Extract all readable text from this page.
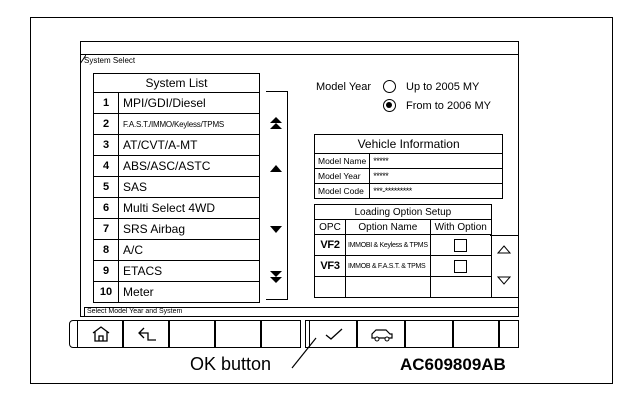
System Select
System List	
1	MPI/GDI/Diesel
2	F.A.S.T./IMMO/Keyless/TPMS
3	AT/CVT/A-MT
4	ABS/ASC/ASTC
5	SAS
6	Multi Select 4WD
7	SRS Airbag
8	A/C
9	ETACS
10	Meter
Model Year	Up to 2005 MY
From to 2006 MY
Vehicle Information	
Model Name	*****
Model Year	*****
Model Code	***-*********
Loading Option Setup		
OPC	Option Name	With Option
VF2	IMMOBI & Keyless & TPMS	
VF3	IMMOB & F.A.S.T. & TPMS	

Select Model Year and System
OK button	AC609809AB
